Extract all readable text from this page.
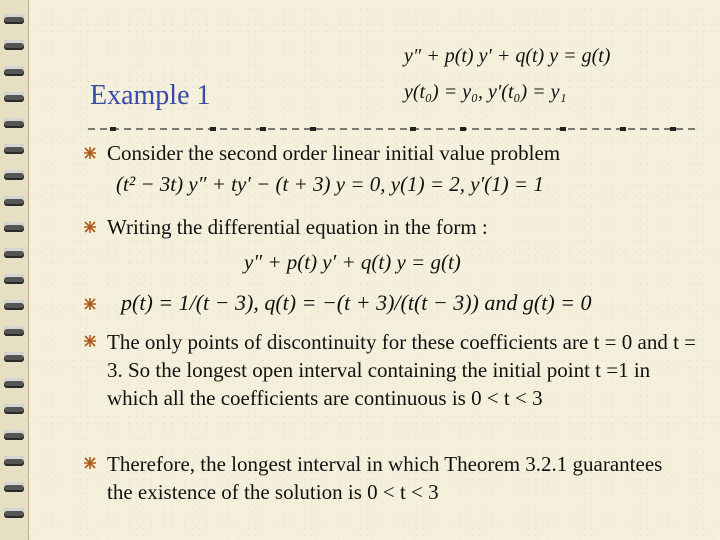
y″ + p(t) y′ + q(t) y = g(t)
y(t₀) = y₀, y′(t₀) = y₁
Example 1
Consider the second order linear initial value problem
(t² − 3t) y″ + ty′ − (t + 3) y = 0, y(1) = 2, y′(1) = 1
Writing the differential equation in the form :
y″ + p(t) y′ + q(t) y = g(t)
p(t) = 1/(t − 3), q(t) = −(t + 3)/(t(t − 3)) and g(t) = 0
The only points of discontinuity for these coefficients are t = 0 and t = 3. So the longest open interval containing the initial point t =1 in which all the coefficients are continuous is 0 < t < 3
Therefore, the longest interval in which Theorem 3.2.1 guarantees the existence of the solution is 0 < t < 3
